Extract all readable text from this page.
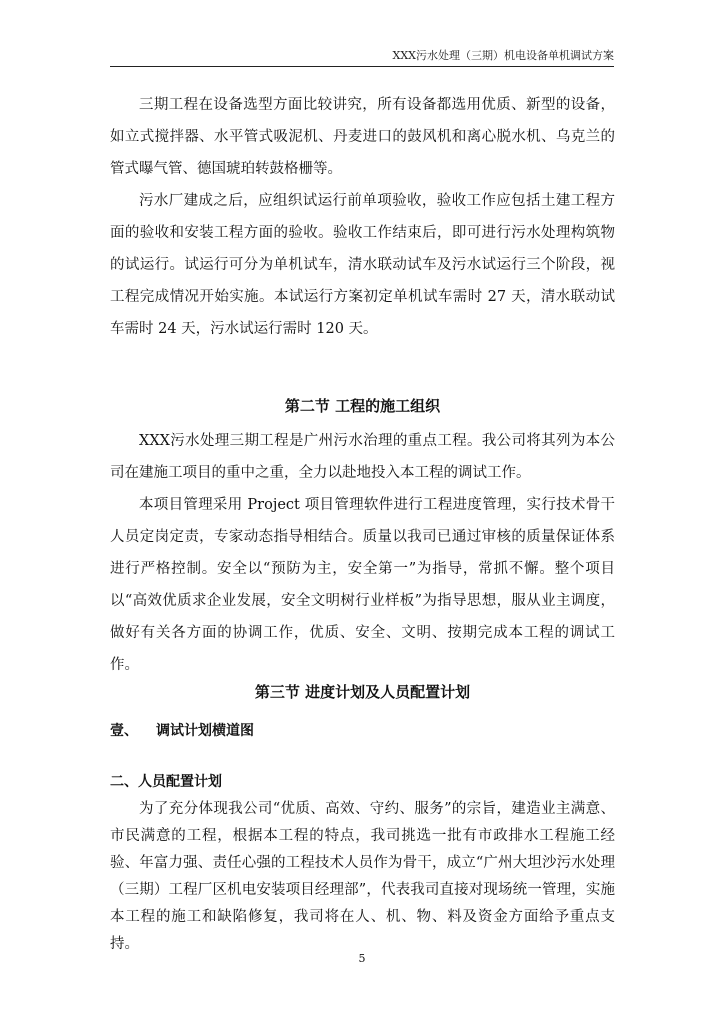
XXX污水处理（三期）机电设备单机调试方案

三期工程在设备选型方面比较讲究，所有设备都选用优质、新型的设备，如立式搅拌器、水平管式吸泥机、丹麦进口的鼓风机和离心脱水机、乌克兰的管式曝气管、德国琥珀转鼓格栅等。

污水厂建成之后，应组织试运行前单项验收，验收工作应包括土建工程方面的验收和安装工程方面的验收。验收工作结束后，即可进行污水处理构筑物的试运行。试运行可分为单机试车，清水联动试车及污水试运行三个阶段，视工程完成情况开始实施。本试运行方案初定单机试车需时 27 天，清水联动试车需时 24 天，污水试运行需时 120 天。

第二节 工程的施工组织

XXX污水处理三期工程是广州污水治理的重点工程。我公司将其列为本公司在建施工项目的重中之重，全力以赴地投入本工程的调试工作。

本项目管理采用 Project 项目管理软件进行工程进度管理，实行技术骨干人员定岗定责，专家动态指导相结合。质量以我司已通过审核的质量保证体系进行严格控制。安全以“预防为主，安全第一”为指导，常抓不懈。整个项目以“高效优质求企业发展，安全文明树行业样板”为指导思想，服从业主调度，做好有关各方面的协调工作，优质、安全、文明、按期完成本工程的调试工作。

第三节 进度计划及人员配置计划
壹、 调试计划横道图
二、人员配置计划

为了充分体现我公司“优质、高效、守约、服务”的宗旨，建造业主满意、市民满意的工程，根据本工程的特点，我司挑选一批有市政排水工程施工经验、年富力强、责任心强的工程技术人员作为骨干，成立“广州大坦沙污水处理（三期）工程厂区机电安装项目经理部”，代表我司直接对现场统一管理，实施本工程的施工和缺陷修复，我司将在人、机、物、料及资金方面给予重点支持。

5
